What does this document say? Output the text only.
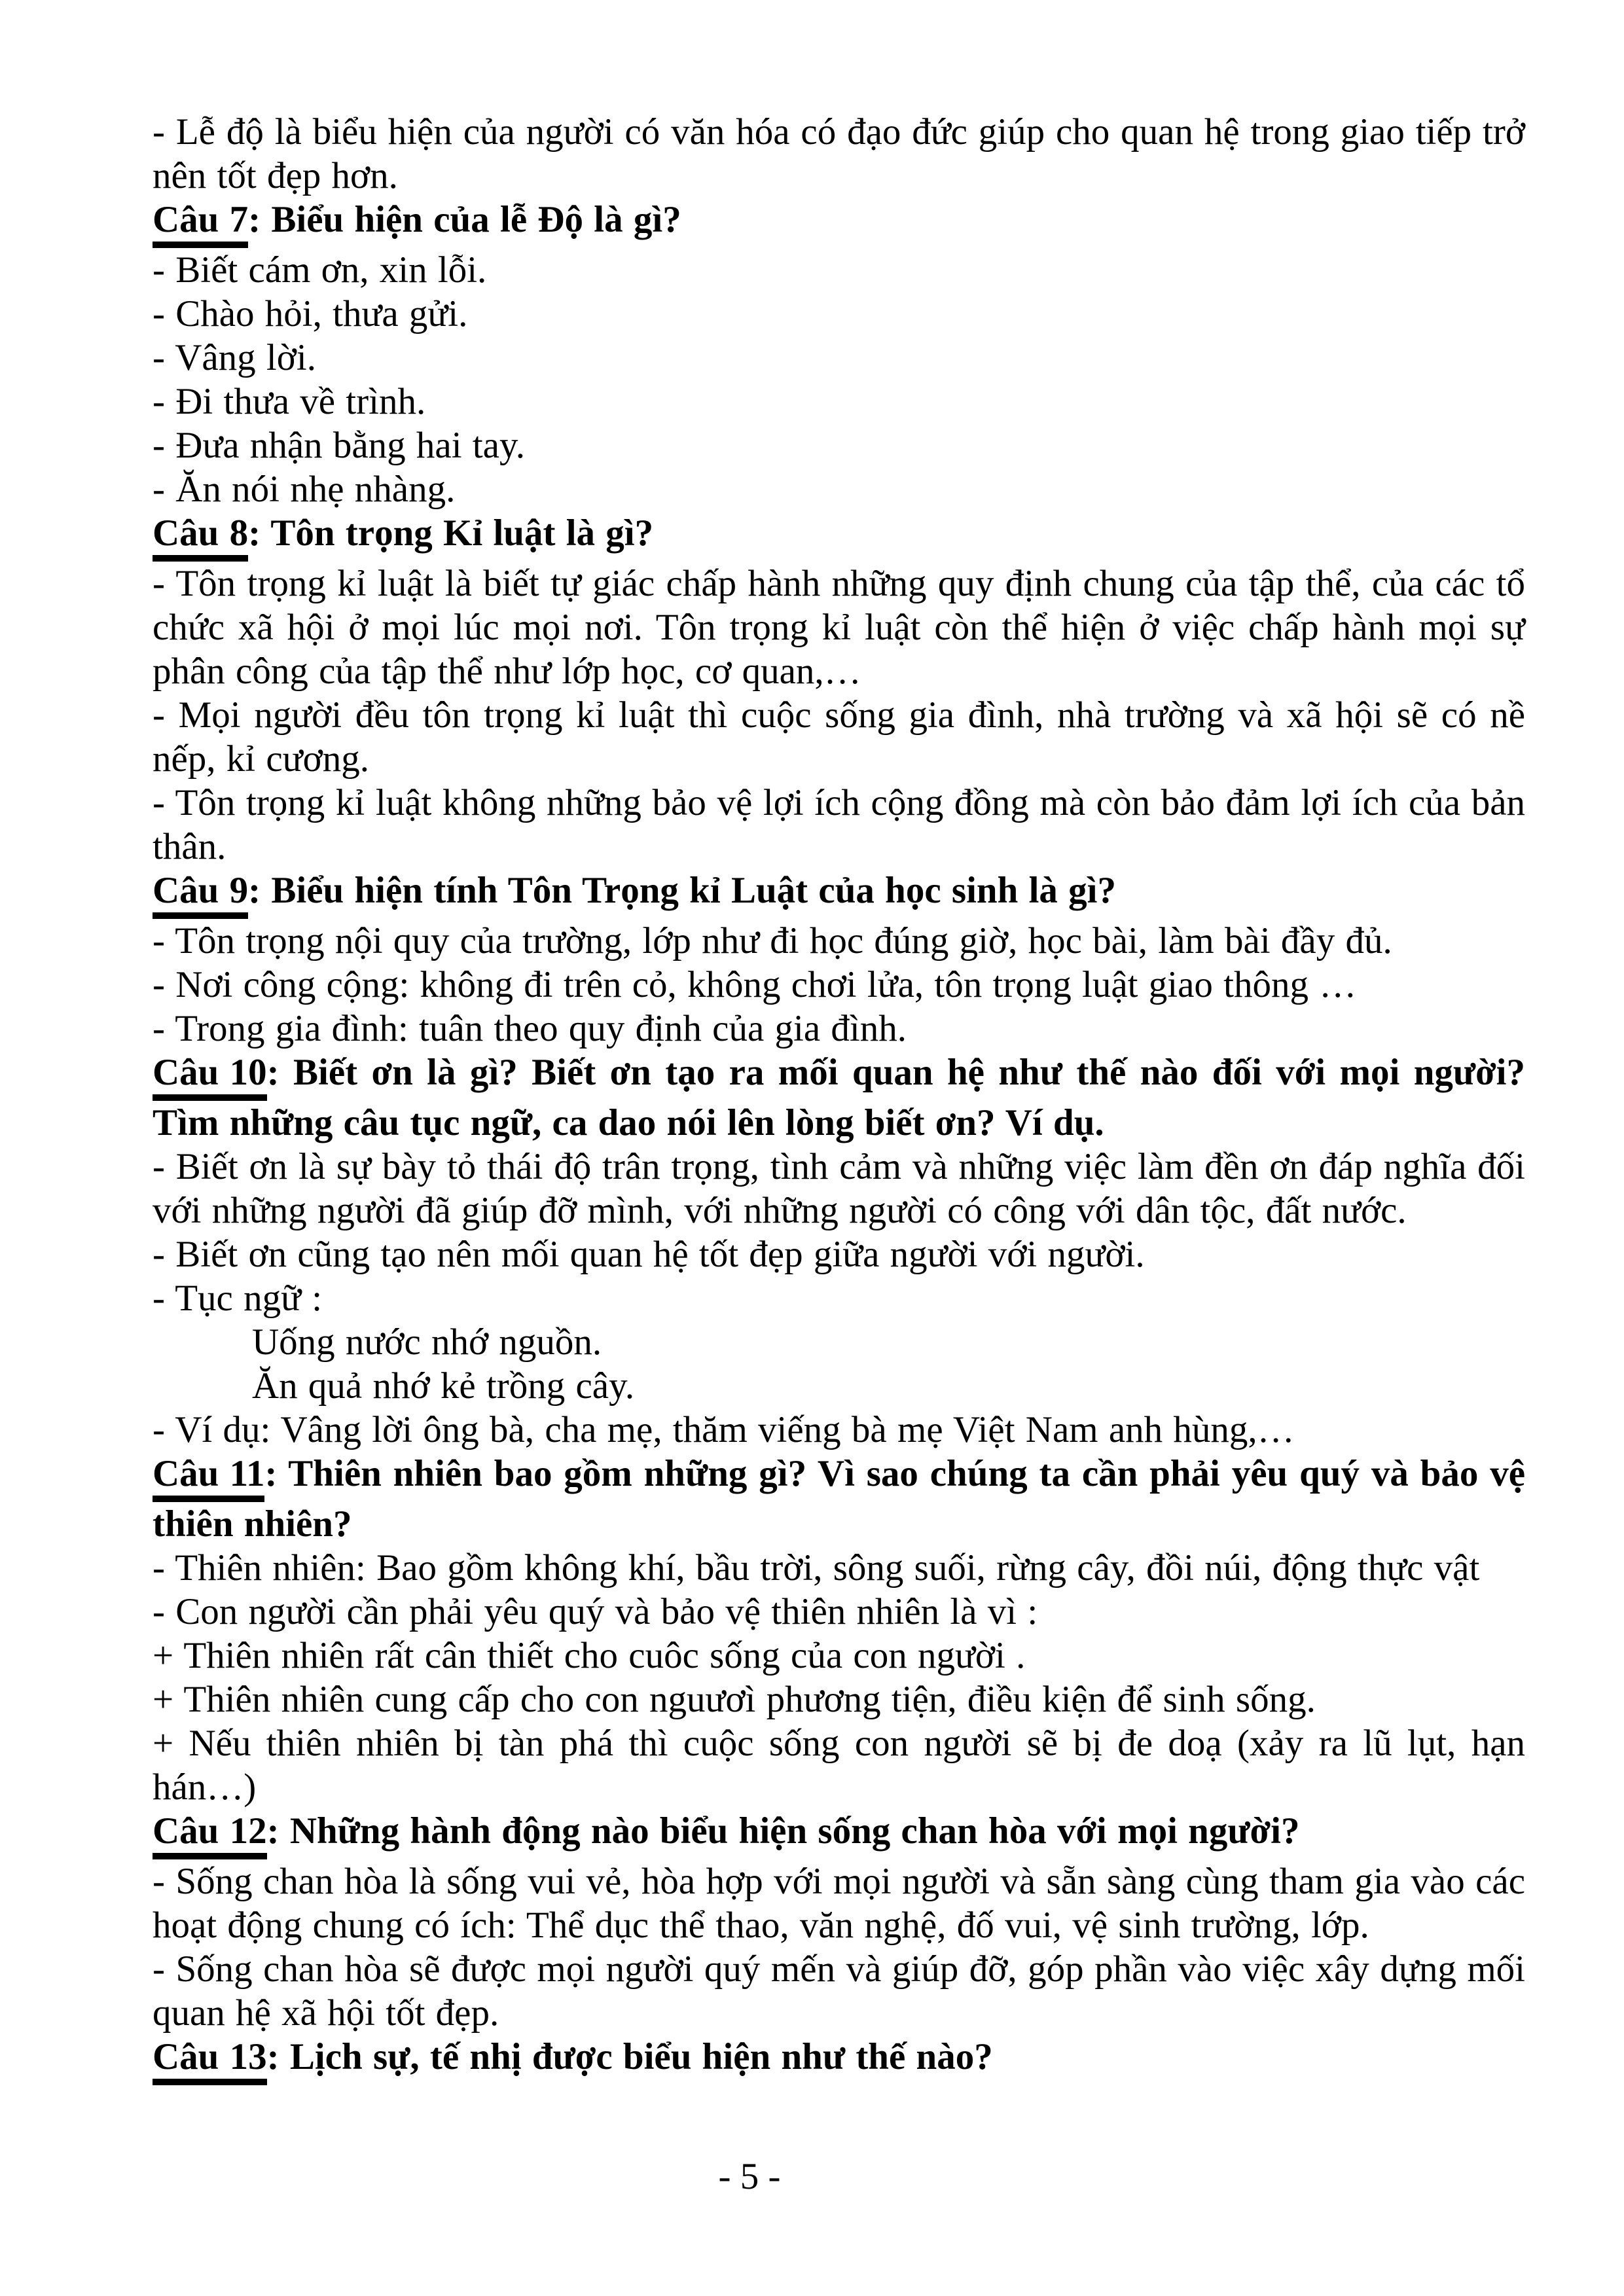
- Lễ độ là biểu hiện của người có văn hóa có đạo đức giúp cho quan hệ trong giao tiếp trở nên tốt đẹp hơn.

Câu 7: Biểu hiện của lễ Độ là gì?

- Biết cám ơn, xin lỗi.

- Chào hỏi, thưa gửi.

- Vâng lời.

- Đi thưa về trình.

- Đưa nhận bằng hai tay.

- Ăn nói nhẹ nhàng.

Câu 8: Tôn trọng Kỉ luật là gì?

- Tôn trọng kỉ luật là biết tự giác chấp hành những quy định chung của tập thể, của các tổ chức xã hội ở mọi lúc mọi nơi. Tôn trọng kỉ luật còn thể hiện ở việc chấp hành mọi sự phân công của tập thể như lớp học, cơ quan,…

- Mọi người đều tôn trọng kỉ luật thì cuộc sống gia đình, nhà trường và xã hội sẽ có nề nếp, kỉ cương.

- Tôn trọng kỉ luật không những bảo vệ lợi ích cộng đồng mà còn bảo đảm lợi ích của bản thân.

Câu 9: Biểu hiện tính Tôn Trọng kỉ Luật của học sinh là gì?

- Tôn trọng nội quy của trường, lớp như đi học đúng giờ, học bài, làm bài đầy đủ.

- Nơi công cộng: không đi trên cỏ, không chơi lửa, tôn trọng luật giao thông …

- Trong gia đình: tuân theo quy định của gia đình.

Câu 10: Biết ơn là gì? Biết ơn tạo ra mối quan hệ như thế nào đối với mọi người? Tìm những câu tục ngữ, ca dao nói lên lòng biết ơn? Ví dụ.

- Biết ơn là sự bày tỏ thái độ trân trọng, tình cảm và những việc làm đền ơn đáp nghĩa đối với những người đã giúp đỡ mình, với những người có công với dân tộc, đất nước.

- Biết ơn cũng tạo nên mối quan hệ tốt đẹp giữa người với người.

- Tục ngữ :

Uống nước nhớ nguồn.

Ăn quả nhớ kẻ trồng cây.

- Ví dụ: Vâng lời ông bà, cha mẹ, thăm viếng bà mẹ Việt Nam anh hùng,…

Câu 11: Thiên nhiên bao gồm những gì? Vì sao chúng ta cần phải yêu quý và bảo vệ thiên nhiên?

- Thiên nhiên: Bao gồm không khí, bầu trời, sông suối, rừng cây, đồi núi, động thực vật

- Con người cần phải yêu quý và bảo vệ thiên nhiên là vì :

+ Thiên nhiên rất cân thiết cho cuôc sống của con người .

+ Thiên nhiên cung cấp cho con nguươì phương tiện, điều kiện để sinh sống.

+ Nếu thiên nhiên bị tàn phá thì cuộc sống con người sẽ bị đe doạ (xảy ra lũ lụt, hạn hán…)

Câu 12: Những hành động nào biểu hiện sống chan hòa với mọi người?

- Sống chan hòa là sống vui vẻ, hòa hợp với mọi người và sẵn sàng cùng tham gia vào các hoạt động chung có ích: Thể dục thể thao, văn nghệ, đố vui, vệ sinh trường, lớp.

- Sống chan hòa sẽ được mọi người quý mến và giúp đỡ, góp phần vào việc xây dựng mối quan hệ xã hội tốt đẹp.

Câu 13: Lịch sự, tế nhị được biểu hiện như thế nào?

- 5 -
